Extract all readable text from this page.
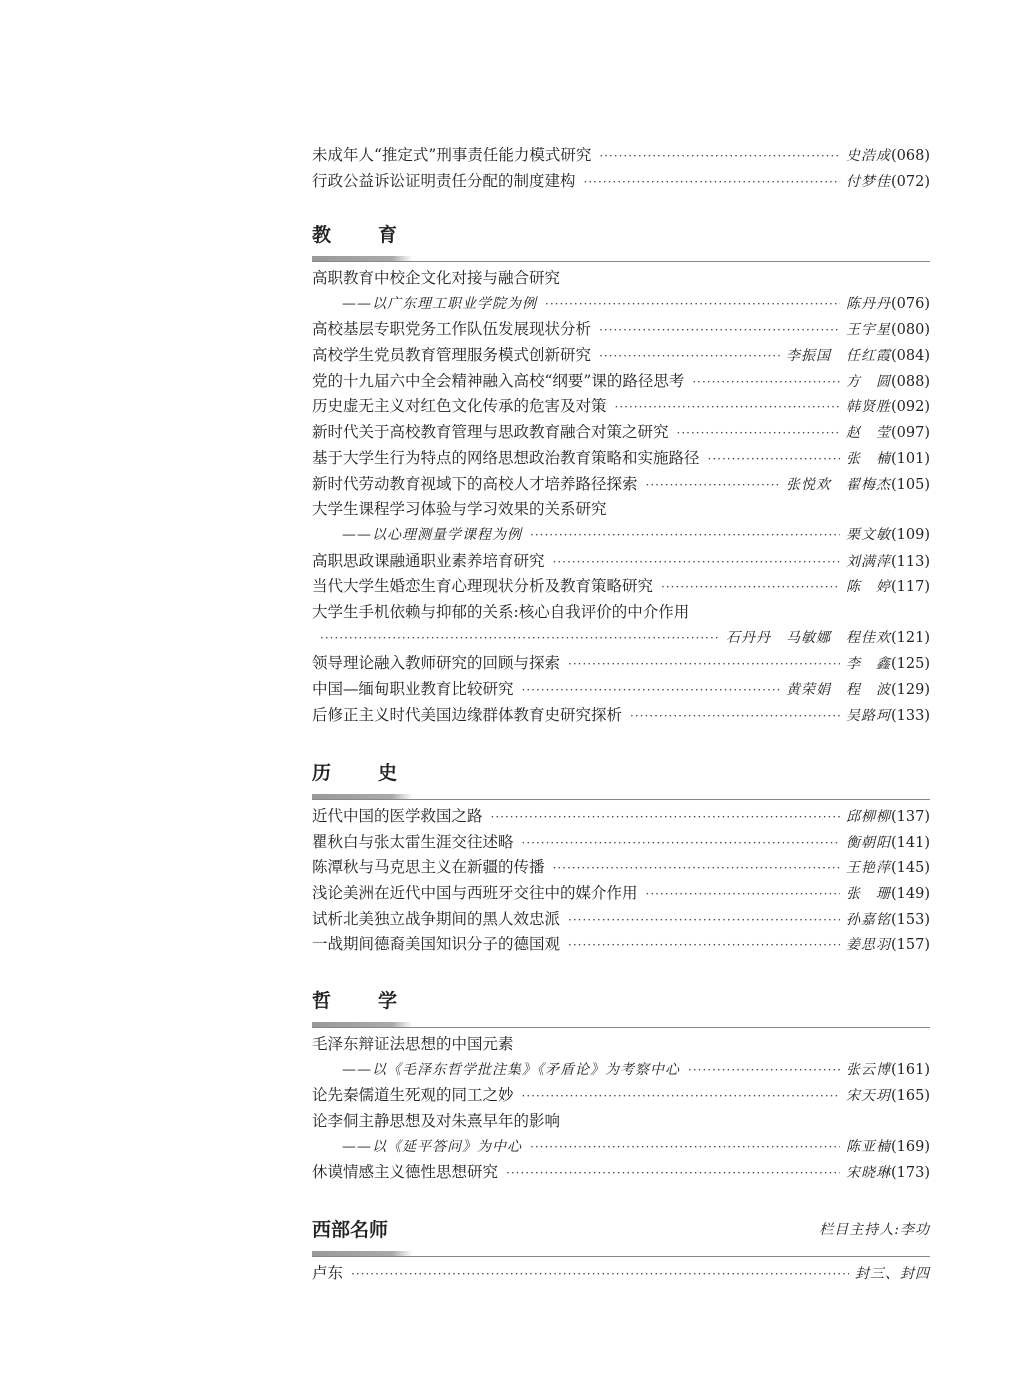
未成年人“推定式”刑事责任能力模式研究 ·····	史浩成 (068)
行政公益诉讼证明责任分配的制度建构 ·····	付梦佳 (072)
教　育
高职教育中校企文化对接与融合研究
——以广东理工职业学院为例 ·····	陈丹丹 (076)
高校基层专职党务工作队伍发展现状分析 ·····	王宇星 (080)
高校学生党员教育管理服务模式创新研究 ·····	李振国　任红霞 (084)
党的十九届六中全会精神融入高校“纲要”课的路径思考 ·····	方　圆 (088)
历史虚无主义对红色文化传承的危害及对策 ·····	韩贤胜 (092)
新时代关于高校教育管理与思政教育融合对策之研究 ·····	赵　莹 (097)
基于大学生行为特点的网络思想政治教育策略和实施路径 ·····	张　楠 (101)
新时代劳动教育视域下的高校人才培养路径探索 ·····	张悦欢　翟梅杰 (105)
大学生课程学习体验与学习效果的关系研究
——以心理测量学课程为例 ·····	栗文敏 (109)
高职思政课融通职业素养培育研究 ·····	刘满萍 (113)
当代大学生婚恋生育心理现状分析及教育策略研究 ·····	陈　婷 (117)
大学生手机依赖与抑郁的关系:核心自我评价的中介作用
·····
石丹丹　马敏娜　程佳欢 (121)
领导理论融入教师研究的回顾与探索 ·····	李　鑫 (125)
中国—缅甸职业教育比较研究 ·····	黄荣娟　程　波 (129)
后修正主义时代美国边缘群体教育史研究探析 ·····	吴路珂 (133)
历　史
近代中国的医学救国之路 ·····	邱柳柳 (137)
瞿秋白与张太雷生涯交往述略 ·····	衡朝阳 (141)
陈潭秋与马克思主义在新疆的传播 ·····	王艳萍 (145)
浅论美洲在近代中国与西班牙交往中的媒介作用 ·····	张　珊 (149)
试析北美独立战争期间的黑人效忠派 ·····	孙嘉铭 (153)
一战期间德裔美国知识分子的德国观 ·····	姜思羽 (157)
哲　学
毛泽东辩证法思想的中国元素
——以《毛泽东哲学批注集》《矛盾论》为考察中心 ·····	张云博 (161)
论先秦儒道生死观的同工之妙 ·····	宋天玥 (165)
论李侗主静思想及对朱熹早年的影响
——以《延平答问》为中心 ·····	陈亚楠 (169)
休谟情感主义德性思想研究 ·····	宋晓琳 (173)
西部名师	栏目主持人:李功
卢东 ·····	封三、封四
